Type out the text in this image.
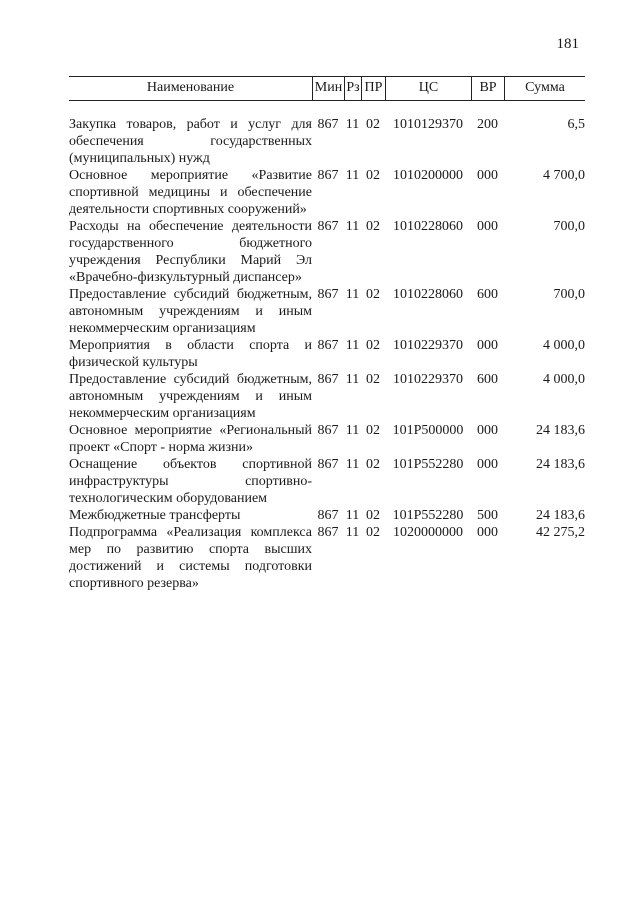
181
Наименование	Мин Рз ПР	ЦС	ВР	Сумма
Закупка товаров, работ и услуг для обеспечения государственных (муниципальных) нужд
867 11 02 1010129370	200	6,5
Основное мероприятие «Развитие спортивной медицины и обеспечение деятельности спортивных сооружений»
867 11 02 1010200000	000	4 700,0
Расходы на обеспечение деятельности государственного бюджетного учреждения Республики Марий Эл «Врачебно-физкультурный диспансер»
867 11 02 1010228060	000	700,0
Предоставление субсидий бюджетным, автономным учреждениям и иным некоммерческим организациям
867 11 02 1010228060	600	700,0
Мероприятия в области спорта и физической культуры
867 11 02 1010229370	000	4 000,0
Предоставление субсидий бюджетным, автономным учреждениям и иным некоммерческим организациям
867 11 02 1010229370	600	4 000,0
Основное мероприятие «Региональный проект «Спорт - норма жизни»
867 11 02 101P500000 000	24 183,6
Оснащение объектов спортивной инфраструктуры спортивно-технологическим оборудованием
867 11 02 101P552280 000	24 183,6
Межбюджетные трансферты	867 11 02 101P552280 500	24 183,6
Подпрограмма «Реализация комплекса мер по развитию спорта высших достижений и системы подготовки спортивного резерва»
867 11 02 1020000000	000	42 275,2
